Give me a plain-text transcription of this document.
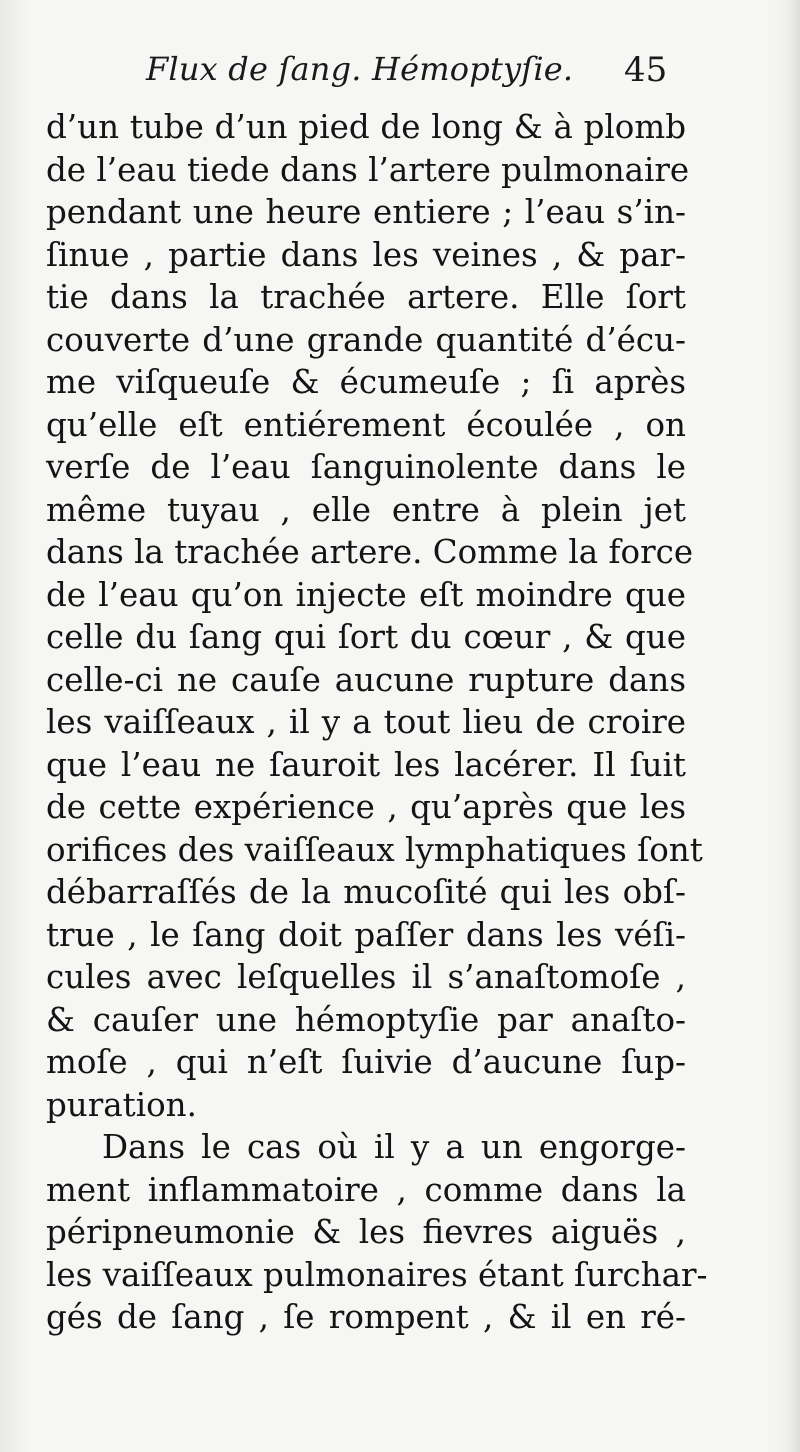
Flux de ſang. Hémoptyſie. 45
d’un tube d’un pied de long & à plomb
de l’eau tiede dans l’artere pulmonaire
pendant une heure entiere ; l’eau s’in-
ſinue , partie dans les veines , & par-
tie dans la trachée artere. Elle ſort
couverte d’une grande quantité d’écu-
me viſqueuſe & écumeuſe ; ſi après
qu’elle eſt entiérement écoulée , on
verſe de l’eau ſanguinolente dans le
même tuyau , elle entre à plein jet
dans la trachée artere. Comme la force
de l’eau qu’on injecte eſt moindre que
celle du ſang qui ſort du cœur , & que
celle-ci ne cauſe aucune rupture dans
les vaiſſeaux , il y a tout lieu de croire
que l’eau ne ſauroit les lacérer. Il ſuit
de cette expérience , qu’après que les
orifices des vaiſſeaux lymphatiques ſont
débarraſſés de la mucoſité qui les obſ-
true , le ſang doit paſſer dans les véſi-
cules avec leſquelles il s’anaſtomoſe ,
& cauſer une hémoptyſie par anaſto-
moſe , qui n’eſt ſuivie d’aucune ſup-
puration.
Dans le cas où il y a un engorge-
ment inflammatoire , comme dans la
péripneumonie & les fievres aiguës ,
les vaiſſeaux pulmonaires étant ſurchar-
gés de ſang , ſe rompent , & il en ré-
